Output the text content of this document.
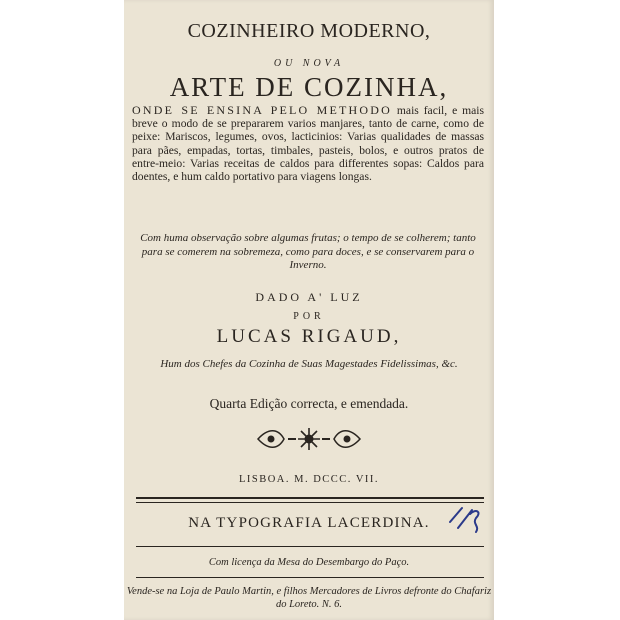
COZINHEIRO MODERNO,
OU NOVA
ARTE DE COZINHA,
ONDE SE ENSINA PELO METHODO mais facil, e mais breve o modo de se prepararem varios manjares, tanto de carne, como de peixe: Mariscos, legumes, ovos, lacticinios: Varias qualidades de massas para pães, empadas, tortas, timbales, pasteis, bolos, e outros pratos de entre-meio: Varias receitas de caldos para differentes sopas: Caldos para doentes, e hum caldo portativo para viagens longas.
Com huma observação sobre algumas frutas; o tempo de se colherem; tanto para se comerem na sobremeza, como para doces, e se conservarem para o Inverno.
DADO A' LUZ
POR
LUCAS RIGAUD,
Hum dos Chefes da Cozinha de Suas Magestades Fidelissimas, &c.
Quarta Edição correcta, e emendada.
LISBOA. M. DCCC. VII.
NA TYPOGRAFIA LACERDINA.
Com licença da Mesa do Desembargo do Paço.
Vende-se na Loja de Paulo Martin, e filhos Mercadores de Livros defronte do Chafariz do Loreto. N. 6.
